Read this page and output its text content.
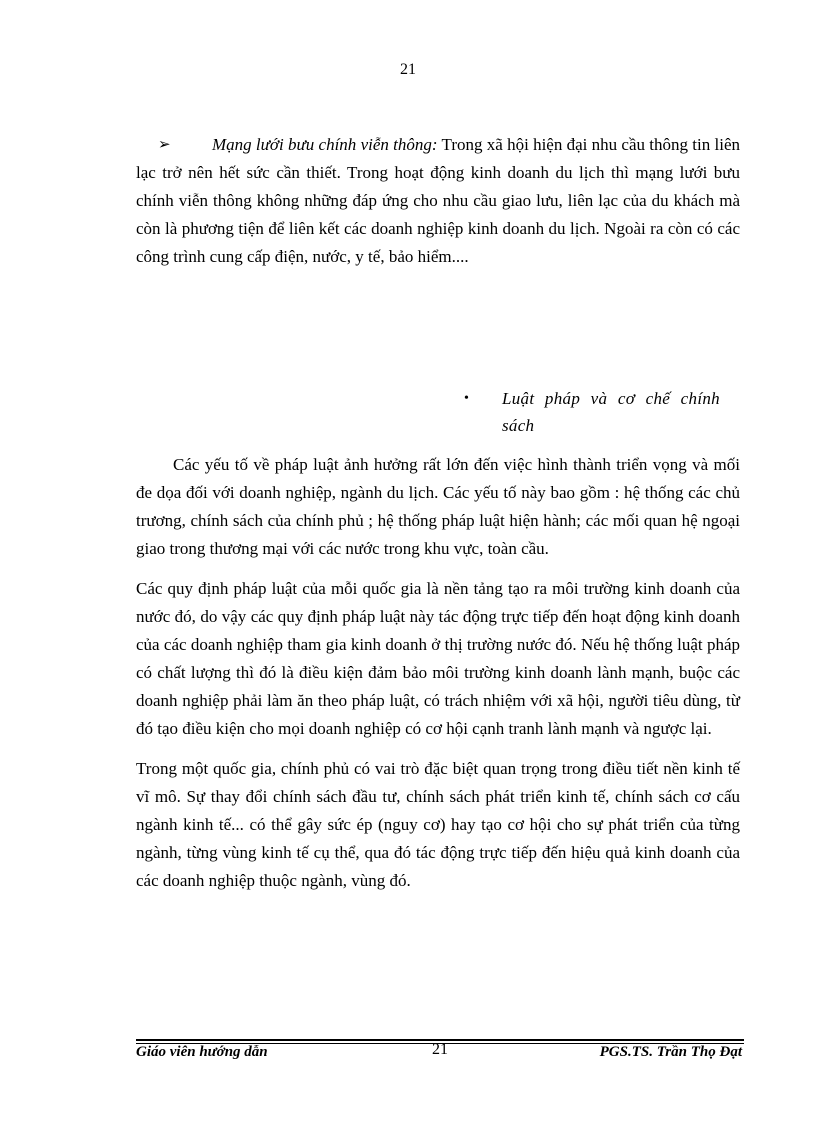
21

➢ Mạng lưới bưu chính viễn thông: Trong xã hội hiện đại nhu cầu thông tin liên lạc trở nên hết sức cần thiết. Trong hoạt động kinh doanh du lịch thì mạng lưới bưu chính viễn thông không những đáp ứng cho nhu cầu giao lưu, liên lạc của du khách mà còn là phương tiện để liên kết các doanh nghiệp kinh doanh du lịch. Ngoài ra còn có các công trình cung cấp điện, nước, y tế, bảo hiểm....

• Luật pháp và cơ chế chính sách

Các yếu tố về pháp luật ảnh hưởng rất lớn đến việc hình thành triển vọng và mối đe dọa đối với doanh nghiệp, ngành du lịch. Các yếu tố này bao gồm : hệ thống các chủ trương, chính sách của chính phủ ; hệ thống pháp luật hiện hành; các mối quan hệ ngoại giao trong thương mại với các nước trong khu vực, toàn cầu.

Các quy định pháp luật của mỗi quốc gia là nền tảng tạo ra môi trường kinh doanh của nước đó, do vậy các quy định pháp luật này tác động trực tiếp đến hoạt động kinh doanh của các doanh nghiệp tham gia kinh doanh ở thị trường nước đó. Nếu hệ thống luật pháp có chất lượng thì đó là điều kiện đảm bảo môi trường kinh doanh lành mạnh, buộc các doanh nghiệp phải làm ăn theo pháp luật, có trách nhiệm với xã hội, người tiêu dùng, từ đó tạo điều kiện cho mọi doanh nghiệp có cơ hội cạnh tranh lành mạnh và ngược lại.

Trong một quốc gia, chính phủ có vai trò đặc biệt quan trọng trong điều tiết nền kinh tế vĩ mô. Sự thay đổi chính sách đầu tư, chính sách phát triển kinh tế, chính sách cơ cấu ngành kinh tế... có thể gây sức ép (nguy cơ) hay tạo cơ hội cho sự phát triển của từng ngành, từng vùng kinh tế cụ thể, qua đó tác động trực tiếp đến hiệu quả kinh doanh của các doanh nghiệp thuộc ngành, vùng đó.

Giáo viên hướng dẫn	21	PGS.TS. Trần Thọ Đạt
